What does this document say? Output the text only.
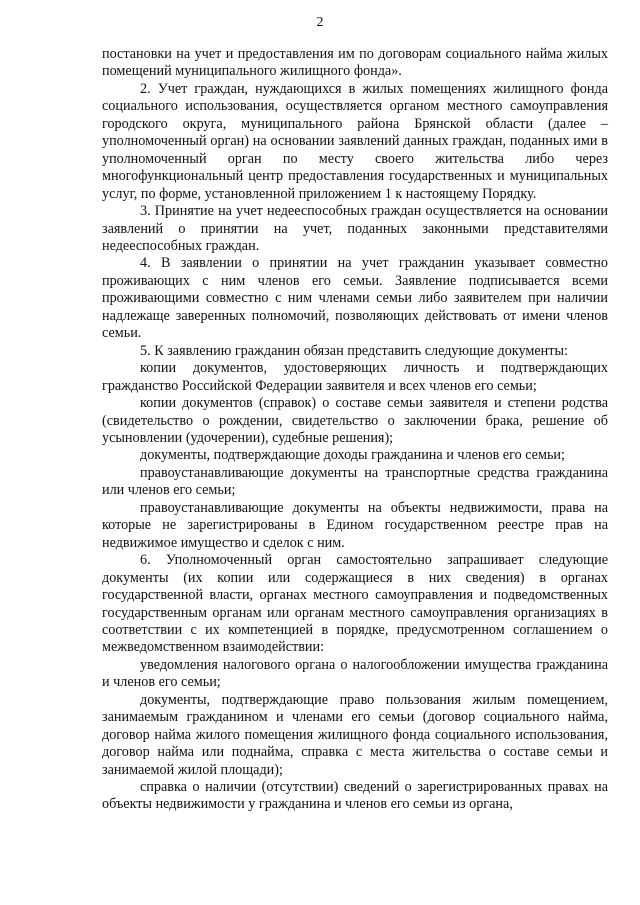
2

постановки на учет и предоставления им по договорам социального найма жилых помещений муниципального жилищного фонда».

2. Учет граждан, нуждающихся в жилых помещениях жилищного фонда социального использования, осуществляется органом местного самоуправления городского округа, муниципального района Брянской области (далее – уполномоченный орган) на основании заявлений данных граждан, поданных ими в уполномоченный орган по месту своего жительства либо через многофункциональный центр предоставления государственных и муниципальных услуг, по форме, установленной приложением 1 к настоящему Порядку.

3. Принятие на учет недееспособных граждан осуществляется на основании заявлений о принятии на учет, поданных законными представителями недееспособных граждан.

4. В заявлении о принятии на учет гражданин указывает совместно проживающих с ним членов его семьи. Заявление подписывается всеми проживающими совместно с ним членами семьи либо заявителем при наличии надлежаще заверенных полномочий, позволяющих действовать от имени членов семьи.

5. К заявлению гражданин обязан представить следующие документы:

копии документов, удостоверяющих личность и подтверждающих гражданство Российской Федерации заявителя и всех членов его семьи;

копии документов (справок) о составе семьи заявителя и степени родства (свидетельство о рождении, свидетельство о заключении брака, решение об усыновлении (удочерении), судебные решения);

документы, подтверждающие доходы гражданина и членов его семьи;

правоустанавливающие документы на транспортные средства гражданина или членов его семьи;

правоустанавливающие документы на объекты недвижимости, права на которые не зарегистрированы в Едином государственном реестре прав на недвижимое имущество и сделок с ним.

6. Уполномоченный орган самостоятельно запрашивает следующие документы (их копии или содержащиеся в них сведения) в органах государственной власти, органах местного самоуправления и подведомственных государственным органам или органам местного самоуправления организациях в соответствии с их компетенцией в порядке, предусмотренном соглашением о межведомственном взаимодействии:

уведомления налогового органа о налогообложении имущества гражданина и членов его семьи;

документы, подтверждающие право пользования жилым помещением, занимаемым гражданином и членами его семьи (договор социального найма, договор найма жилого помещения жилищного фонда социального использования, договор найма или поднайма, справка с места жительства о составе семьи и занимаемой жилой площади);

справка о наличии (отсутствии) сведений о зарегистрированных правах на объекты недвижимости у гражданина и членов его семьи из органа,
